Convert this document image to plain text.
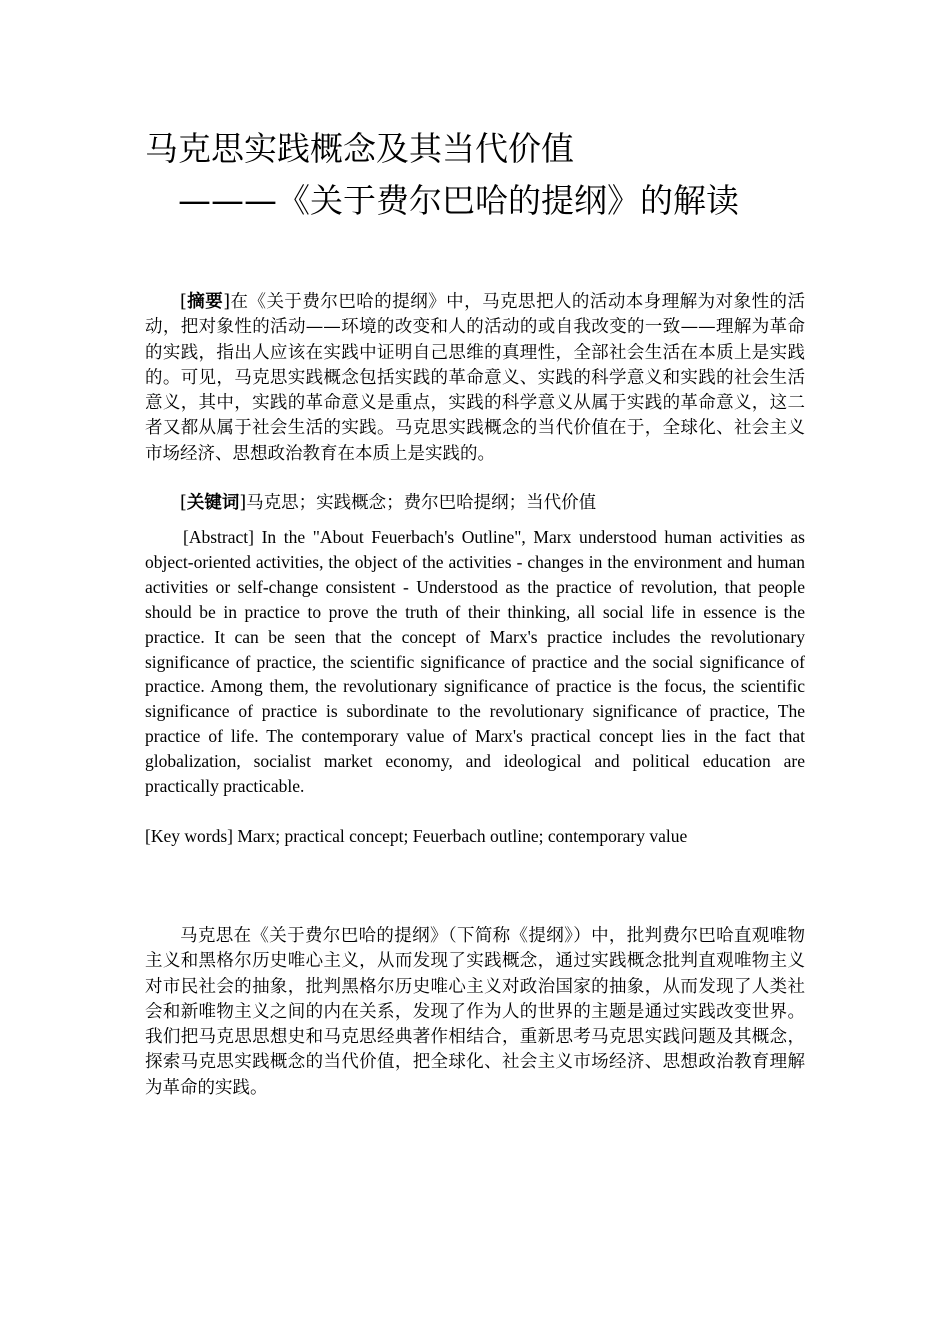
马克思实践概念及其当代价值
———《关于费尔巴哈的提纲》的解读

[摘要]在《关于费尔巴哈的提纲》中，马克思把人的活动本身理解为对象性的活动，把对象性的活动——环境的改变和人的活动的或自我改变的一致——理解为革命的实践，指出人应该在实践中证明自己思维的真理性，全部社会生活在本质上是实践的。可见，马克思实践概念包括实践的革命意义、实践的科学意义和实践的社会生活意义，其中，实践的革命意义是重点，实践的科学意义从属于实践的革命意义，这二者又都从属于社会生活的实践。马克思实践概念的当代价值在于，全球化、社会主义市场经济、思想政治教育在本质上是实践的。

[关键词]马克思；实践概念；费尔巴哈提纲；当代价值

[Abstract] In the "About Feuerbach's Outline", Marx understood human activities as object-oriented activities, the object of the activities - changes in the environment and human activities or self-change consistent - Understood as the practice of revolution, that people should be in practice to prove the truth of their thinking, all social life in essence is the practice. It can be seen that the concept of Marx's practice includes the revolutionary significance of practice, the scientific significance of practice and the social significance of practice. Among them, the revolutionary significance of practice is the focus, the scientific significance of practice is subordinate to the revolutionary significance of practice, The practice of life. The contemporary value of Marx's practical concept lies in the fact that globalization, socialist market economy, and ideological and political education are practically practicable.

[Key words] Marx; practical concept; Feuerbach outline; contemporary value

马克思在《关于费尔巴哈的提纲》（下简称《提纲》）中，批判费尔巴哈直观唯物主义和黑格尔历史唯心主义，从而发现了实践概念，通过实践概念批判直观唯物主义对市民社会的抽象，批判黑格尔历史唯心主义对政治国家的抽象，从而发现了人类社会和新唯物主义之间的内在关系，发现了作为人的世界的主题是通过实践改变世界。我们把马克思思想史和马克思经典著作相结合，重新思考马克思实践问题及其概念，探索马克思实践概念的当代价值，把全球化、社会主义市场经济、思想政治教育理解为革命的实践。
